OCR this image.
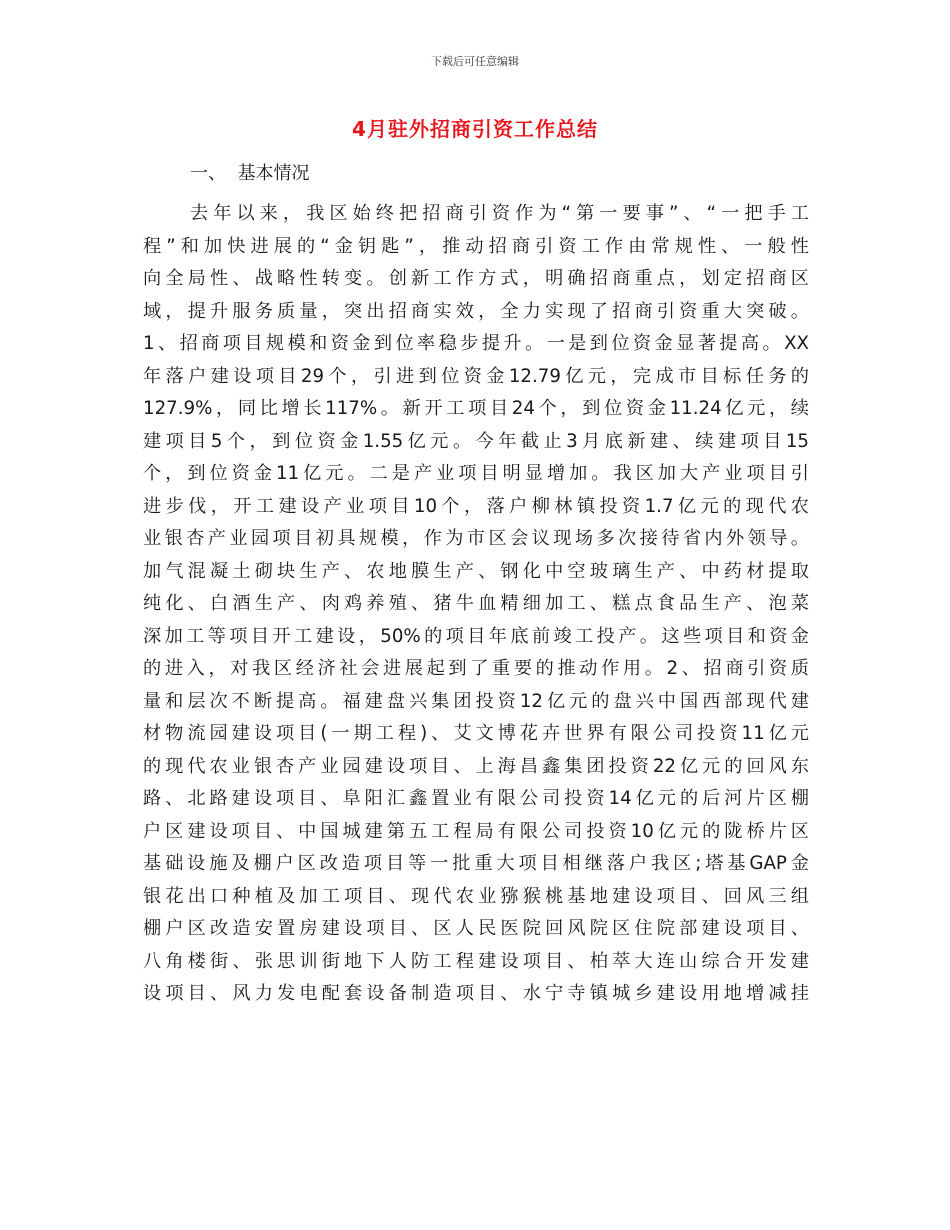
下载后可任意编辑
4月驻外招商引资工作总结
一、  基本情况
去年以来，我区始终把招商引资作为“第一要事”、“一把手工
程”和加快进展的“金钥匙”，推动招商引资工作由常规性、一般性
向全局性、战略性转变。创新工作方式，明确招商重点，划定招商区
域，提升服务质量，突出招商实效，全力实现了招商引资重大突破。
1、招商项目规模和资金到位率稳步提升。一是到位资金显著提高。XX
年落户建设项目29个，引进到位资金12.79亿元，完成市目标任务的
127.9%，同比增长117%。新开工项目24个，到位资金11.24亿元，续
建项目5个，到位资金1.55亿元。今年截止3月底新建、续建项目15
个，到位资金11亿元。二是产业项目明显增加。我区加大产业项目引
进步伐，开工建设产业项目10个，落户柳林镇投资1.7亿元的现代农
业银杏产业园项目初具规模，作为市区会议现场多次接待省内外领导。
加气混凝土砌块生产、农地膜生产、钢化中空玻璃生产、中药材提取
纯化、白酒生产、肉鸡养殖、猪牛血精细加工、糕点食品生产、泡菜
深加工等项目开工建设，50%的项目年底前竣工投产。这些项目和资金
的进入，对我区经济社会进展起到了重要的推动作用。2、招商引资质
量和层次不断提高。福建盘兴集团投资12亿元的盘兴中国西部现代建
材物流园建设项目(一期工程)、艾文博花卉世界有限公司投资11亿元
的现代农业银杏产业园建设项目、上海昌鑫集团投资22亿元的回风东
路、北路建设项目、阜阳汇鑫置业有限公司投资14亿元的后河片区棚
户区建设项目、中国城建第五工程局有限公司投资10亿元的陇桥片区
基础设施及棚户区改造项目等一批重大项目相继落户我区;塔基GAP金
银花出口种植及加工项目、现代农业猕猴桃基地建设项目、回风三组
棚户区改造安置房建设项目、区人民医院回风院区住院部建设项目、
八角楼街、张思训街地下人防工程建设项目、柏萃大连山综合开发建
设项目、风力发电配套设备制造项目、水宁寺镇城乡建设用地增减挂
